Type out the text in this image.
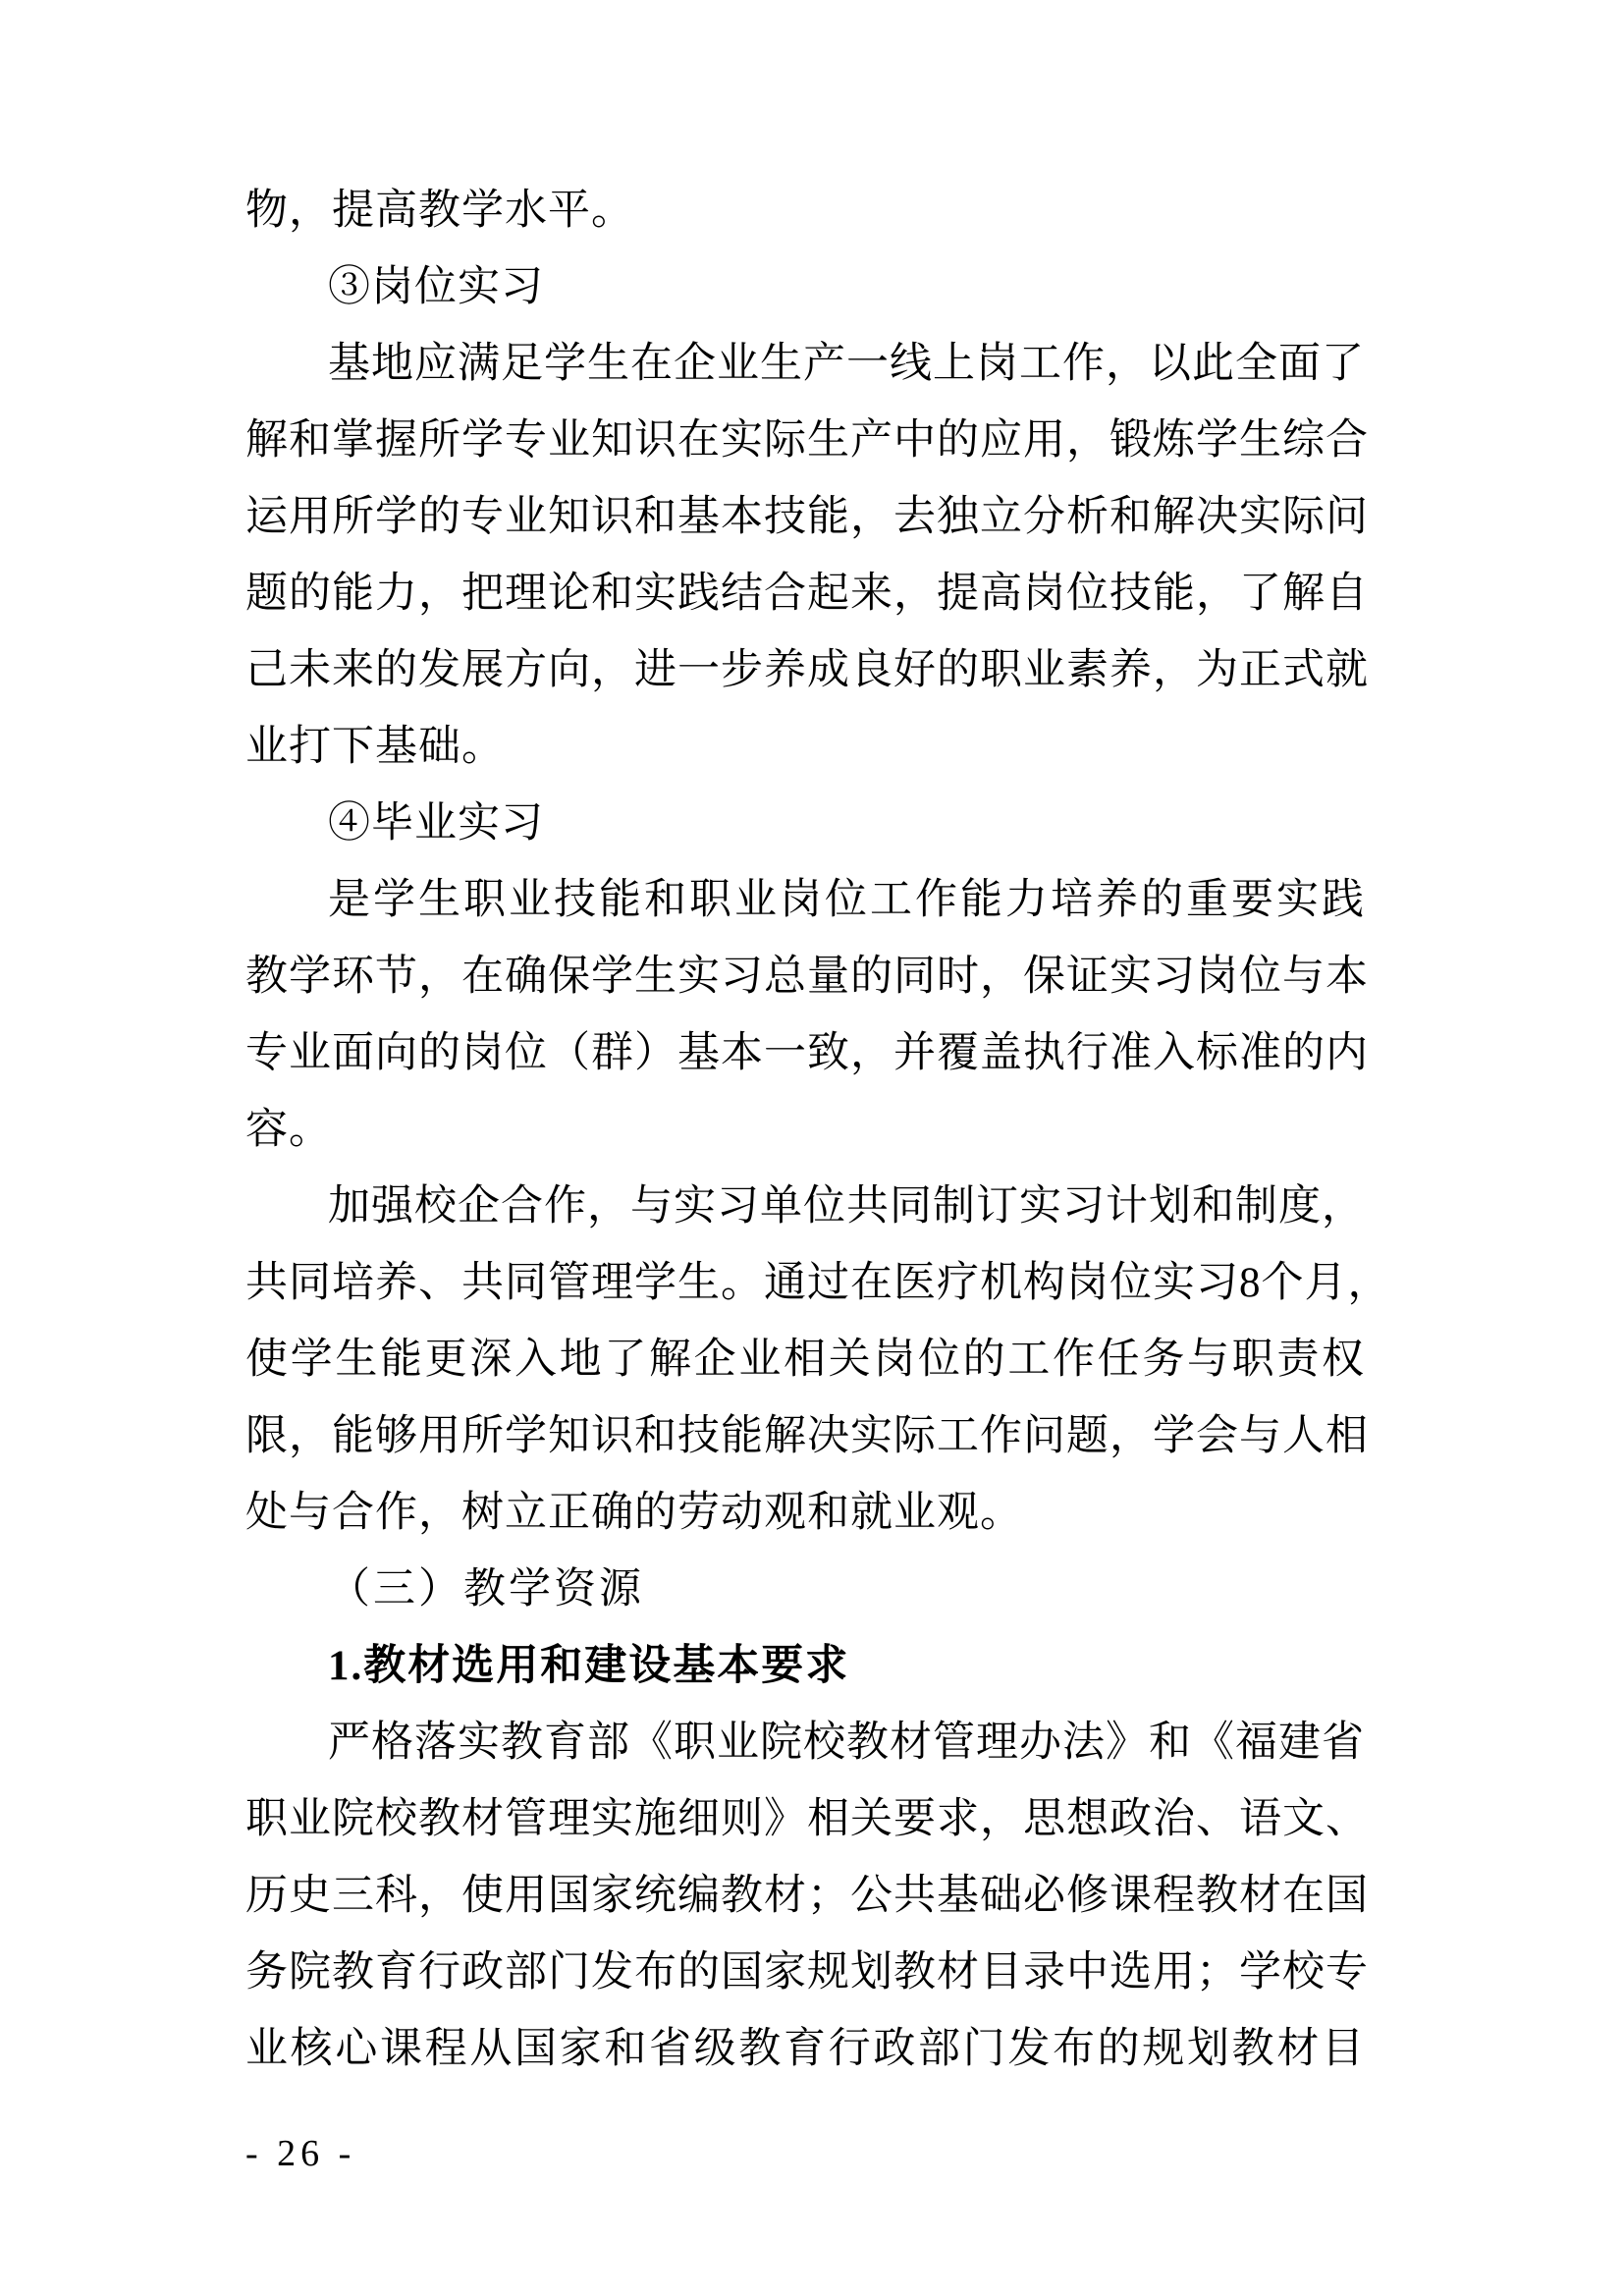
物，提高教学水平。
③岗位实习
基地应满足学生在企业生产一线上岗工作，以此全面了
解和掌握所学专业知识在实际生产中的应用，锻炼学生综合
运用所学的专业知识和基本技能，去独立分析和解决实际问
题的能力，把理论和实践结合起来，提高岗位技能，了解自
己未来的发展方向，进一步养成良好的职业素养，为正式就
业打下基础。
④毕业实习
是学生职业技能和职业岗位工作能力培养的重要实践
教学环节，在确保学生实习总量的同时，保证实习岗位与本
专业面向的岗位（群）基本一致，并覆盖执行准入标准的内
容。
加强校企合作，与实习单位共同制订实习计划和制度，
共同培养、共同管理学生。通过在医疗机构岗位实习8个月，
使学生能更深入地了解企业相关岗位的工作任务与职责权
限，能够用所学知识和技能解决实际工作问题，学会与人相
处与合作，树立正确的劳动观和就业观。
（三）教学资源
1.教材选用和建设基本要求
严格落实教育部《职业院校教材管理办法》和《福建省
职业院校教材管理实施细则》相关要求，思想政治、语文、
历史三科，使用国家统编教材；公共基础必修课程教材在国
务院教育行政部门发布的国家规划教材目录中选用；学校专
业核心课程从国家和省级教育行政部门发布的规划教材目
- 26 -
